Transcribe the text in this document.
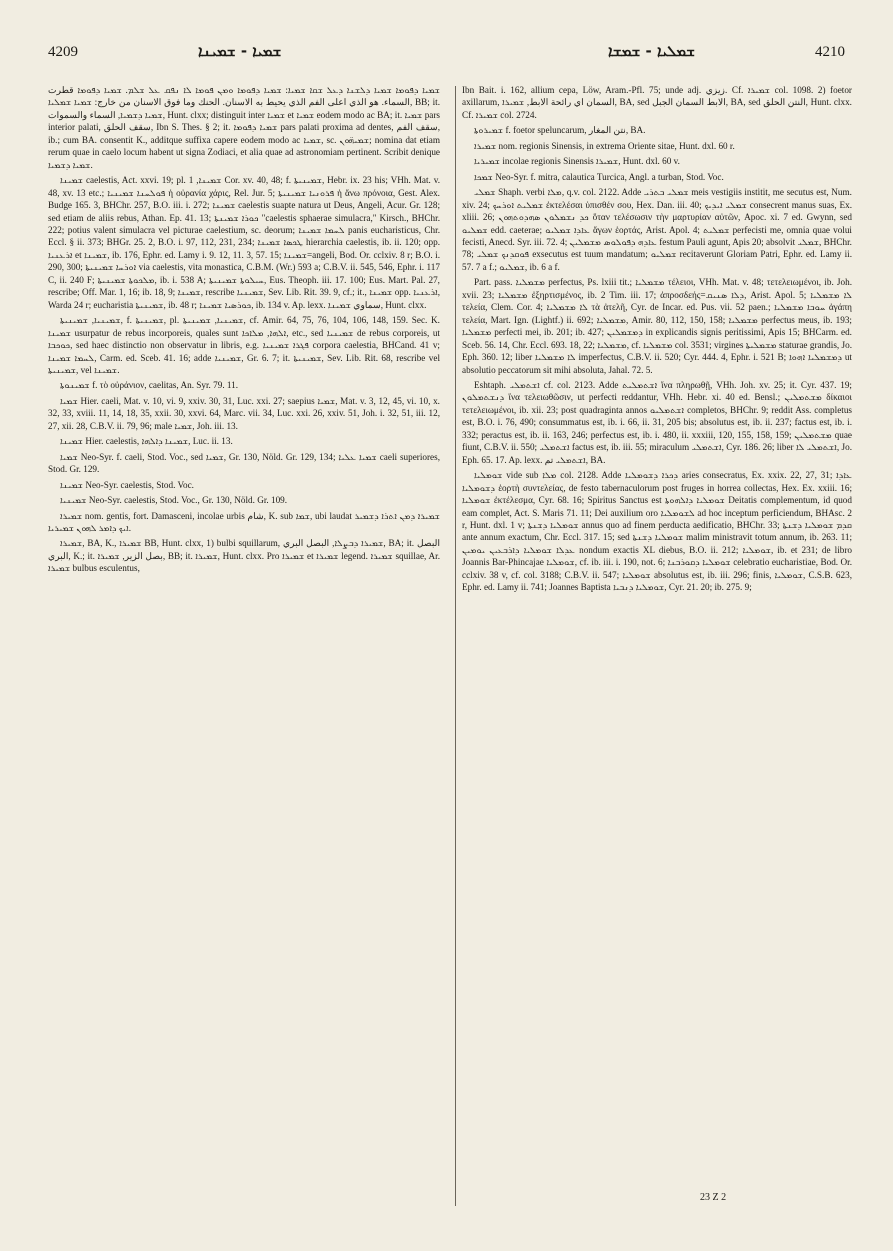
4209	ܫܡܝܐ - ܫܡܝܢܐ	ܫܡܠܝܐ - ܫܡܫܐ	4210

ܫܡܝܐ ܕܦܘܡܐ ܫܡܝܐ ܕܠܫܢܐ ܕܥܠ ܫܩܐ ܫܡܝܐ: ܫܡܝܐ ܕܦܘܡܐ ܘܡܢ ܦܘܡܐ ܠܐ ܢܦܩ ܥܠ ܫܠܡ. ܫܡܝܐ ܕܦܘܡܐ قطرت السماء. هو الذي اعلى الفم الذي يحيط به الاسنان. الحنك وما فوق الاسنان من خارج: ܫܡܝܐ ܫܡܠܝܐ, BB; it. ܫܡܝܐ ܕܫܡܝܐ, السماء والسموات, Hunt. clxx; distinguit inter ܫܡܝܐ et ܫܡܝܐ eodem modo ac BA; it. ܫܡܝܐ pars interior palati, سقف الحلق, Ibn S. Thes. § 2; it. ܫܡܝܐ ܕܦܘܡܐ pars palati proxima ad dentes, سقف الفم, ib.; cum BA. consentit K., additque suffixa capere eodem modo ac ܫܡܝܐ, sc. ܫܡܝܗ̈ܘܢ; nomina dat etiam rerum quae in caelo locum habent ut signa Zodiaci, et alia quae ad astronomiam pertinent. Scribit denique ܫܡܝܐ ܕܫܡܝܐ.

ܫܡܝܢܐ caelestis, Act. xxvi. 19; pl. ܫܡܝܢܐ, 1 Cor. xv. 40, 48; f. ܫܡܝܢܝܬܐ, Hebr. ix. 23 his; VHh. Mat. v. 48, xv. 13 etc.; ܦܘܠܚܢܐ ܫܡܝܢܝܐ ἡ οὐρανία χάρις, Rel. Jur. 5; ܦܪܘܢܝܐ ܫܡܝܢܝܬܐ ἡ ἄνω πρόνοια, Gest. Alex. Budge 165. 3, BHChr. 257, B.O. iii. i. 272; ܫܡܝܢܐ caelestis suapte natura ut Deus, Angeli, Acur. Gr. 128; sed etiam de aliis rebus, Athan. Ep. 41. 13; ܟܘܪܐ ܫܡܝܢܬܐ "caelestis sphaerae simulacra," Kirsch., BHChr. 222; potius valent simulacra vel picturae caelestium, sc. deorum; ܠܚܡܐ ܫܡܝܢܐ panis eucharisticus, Chr. Eccl. § ii. 373; BHGr. 25. 2, B.O. i. 97, 112, 231, 234; ܛܟܣܐ ܫܡܝܢܐ hierarchia caelestis, ib. ii. 120; opp. ܐܪܥܢܝܐ et ܫܡܝܢܐ, ib. 176, Ephr. ed. Lamy i. 9. 12, 11. 3, 57. 15; ܫܡܝܢܐ=angeli, Bod. Or. cclxiv. 8 r; B.O. i. 290, 300; ܐܘܪܚܐ ܫܡܝܢܝܬܐ via caelestis, vita monastica, C.B.M. (Wr.) 593 a; C.B.V. ii. 545, 546, Ephr. i. 117 C, ii. 240 F; ܡܠܟܘܬܐ ܫܡܝܢܝܬܐ, ib. i. 538 A; ܚܝܠܘܬܐ ܫܡܝܢܝܬܐ, Eus. Theoph. iii. 17. 100; Eus. Mart. Pal. 27, rescribe; Off. Mar. 1, 16; ib. 18, 9; ܫܡܝܢܐ, rescribe ܫܡܝܢܝܐ, Sev. Lib. Rit. 39. 9, cf.; it., ܫܡܝܢܐ opp. ܐܪܥܢܝܐ, Warda 24 r; eucharistia ܫܡܝܢܝܬܐ, ib. 48 r; ܟܘܪܣܝܐ ܫܡܝܢܐ, ib. 134 v. Ap. lexx. سماوي ܫܡܝܢܐ, Hunt. clxx.

ܫܡܝܢܝܐ, ܫܡܝܢܝܬܐ, f. ܫܡܝܢܝܬܐ, pl. ܫܡܝܢܝܐ, ܫܡܝܢܝܬܐ, cf. Amir. 64, 75, 76, 104, 106, 148, 159. Sec. K. ܫܡܝܢܐ usurpatur de rebus incorporeis, quales sunt ܐܠܗܐ, ܡܠܐܟܐ, etc., sed ܫܡܝܢܝܐ de rebus corporeis, ut ܟܘܟܒܐ, sed haec distinctio non observatur in libris, e.g. ܦܓܪܐ ܫܡܝܢܝܐ corpora caelestia, BHCand. 41 v; ܠܚܡܐ ܫܡܝܢܐ, Carm. ed. Sceb. 41. 16; adde ܫܡܝܢܝܐ, Gr. 6. 7; it. ܫܡܝܢܝܬܐ, Sev. Lib. Rit. 68, rescribe vel ܫܡܝܢܝܬܐ, vel ܫܡܝܢܐ.

ܫܡܝܢܘܬܐ f. τὸ οὐράνιον, caelitas, An. Syr. 79. 11.

ܫܡܝܐ Hier. caeli, Mat. v. 10, vi. 9, xxiv. 30, 31, Luc. xxi. 27; saepius ܫܡܝܐ, Mat. v. 3, 12, 45, vi. 10, x. 32, 33, xviii. 11, 14, 18, 35, xxii. 30, xxvi. 64, Marc. vii. 34, Luc. xxi. 26, xxiv. 51, Joh. i. 32, 51, iii. 12, 27, xii. 28, C.B.V. ii. 79, 96; male ܫܡܝܐ, Joh. iii. 13.

ܫܡܝܢܐ Hier. caelestis, ܫܡܝܢܐ ܕܐܠܗܐ, Luc. ii. 13.

ܫܡܝܐ Neo-Syr. f. caeli, Stod. Voc., sed ܫܡܝܐ, Gr. 130, Nöld. Gr. 129, 134; ܫܡܝܐ ܥܠܝܐ caeli superiores, Stod. Gr. 129.

ܫܡܝܢܐ Neo-Syr. caelestis, Stod. Voc.

ܫܡܝܢܝܐ Neo-Syr. caelestis, Stod. Voc., Gr. 130, Nöld. Gr. 109.

ܫܡܝܪܐ nom. gentis, fort. Damasceni, incolae urbis شام, K. sub ܫܡܐ, ubi laudat ܫܡܝܪܐ ܕܡܢ ܐܬܪܐ ܕܫܡܝܪ ܐܝܟ ܕܐܡܪ ܠܗܘܢ ܫܡܝܪܝܐ.

ܫܡܝܪܐ, BA, K., ܫܡܝܪܐ BB, Hunt. clxx, 1) bulbi squillarum, ܫܡܝܪܐ ܕܒܨܠܐ, البصل البري, BA; it. البصل البري, K.; it. بصل الزير, ܫܡܝܪܐ, BB; it. ܫܡܝܪܐ, Hunt. clxx. Pro ܫܡܝܪܐ et ܫܡܝܪܐ legend. ܫܡܝܪܐ squillae, Ar. ܫܡܝܪܐ bulbus esculentus,

Ibn Bait. i. 162, allium cepa, Löw, Aram.-Pfl. 75; unde adj. زيزي. Cf. ܫܡܝܪܐ col. 1098. 2) foetor axillarum, السمان اي رائحة الابط, ܫܡܝܪܐ, BA, sed الابط السمان الجبل, BA, sed النتن الحلق, Hunt. clxx. Cf. ܫܡܝܪܐ col. 2724.

ܫܡܝܪܘܬܐ f. foetor speluncarum, نتن المغار, BA.

ܫܡܝܪܐ nom. regionis Sinensis, in extrema Oriente sitae, Hunt. dxl. 60 r.

ܫܡܝܪܝܐ incolae regionis Sinensis ܫܡܝܪܐ, Hunt. dxl. 60 v.

ܫܡܟܐ Neo-Syr. f. mitra, calautica Turcica, Angl. a turban, Stod. Voc.

ܫܡܠܝ Shaph. verbi ܡܠܐ, q.v. col. 2122. Adde ܫܡܠܝ ܒܬܪܝ meis vestigiis institit, me secutus est, Num. xiv. 24; ܫܡܠܝܬ ܐܘܪܚܟ ἐκτελέσαι ὑπισθέν σου, Hex. Dan. iii. 40; ܫܡܠܝ ܐܝܕܝܟ consecrent manus suas, Ex. xliii. 26; ܟܕ ܢܫܡܠܘܢ ܣܗܕܘܬܗܘܢ ὅταν τελέσωσιν τὴν μαρτυρίαν αὐτῶν, Apoc. xi. 7 ed. Gwynn, sed ܫܡܠܝܘ edd. caeterae; ܥܐܕܐ ܫܡܠܝܘ ἄγων ἑορτάς, Arist. Apol. 4; ܫܡܠܝܬ perfecisti me, omnia quae volui fecisti, Anecd. Syr. iii. 72. 4; ܥܐܕܗ ܕܦܘܠܘܣ ܡܫܡܠܝܢ festum Pauli agunt, Apis 20; absolvit ܫܡܠܝ, BHChr. 78; ܦܘܩܕܢܟ ܫܡܠܝ exsecutus est tuum mandatum; ܫܡܠܝܘ recitaverunt Gloriam Patri, Ephr. ed. Lamy ii. 57. 7 a f.; ܫܡܠܝܘ, ib. 6 a f.

Part. pass. ܡܫܡܠܝܐ perfectus, Ps. lxiii tit.; ܡܫܡܠܝܐ τέλειοι, VHh. Mat. v. 48; τετελειωμένοι, ib. Joh. xvii. 23; ܡܫܡܠܝܐ ἐξηρτισμένος, ib. 2 Tim. iii. 17; ἀπροσδεής=ܕܠܐ ܣܢܝܩ, Arist. Apol. 5; ܠܐ ܡܫܡܠܝܐ τελεία, Clem. Cor. 4; ܠܐ ܡܫܡܠܝܐ τὰ ἀτελῆ, Cyr. de Incar. ed. Pus. vii. 52 paen.; ܚܘܒܐ ܡܫܡܠܝܐ ἀγάπη τελεία, Mart. Ign. (Lightf.) ii. 692; ܡܫܡܠܝܐ, Amir. 80, 112, 150, 158; ܡܫܡܠܝܐ perfectus meus, ib. 193; ܡܫܡܠܝܐ perfecti mei, ib. 201; ib. 427; ܕܡܫܡܠܝܢ in explicandis signis peritissimi, Apis 15; BHCarm. ed. Sceb. 56. 14, Chr. Eccl. 693. 18, 22; ܡܫܡܠܝܐ, cf. ܡܫܡܠܝܐ col. 3531; virgines ܡܫܡܠܝܬܐ staturae grandis, Jo. Eph. 360. 12; liber ܠܐ ܡܫܡܠܝܐ imperfectus, C.B.V. ii. 520; Cyr. 444. 4, Ephr. i. 521 B; ܕܡܫܡܠܝܐ ܐܗܘܐ ut absolutio peccatorum sit mihi absoluta, Jahal. 72. 5.

Eshtaph. ܐܫܬܡܠܝ cf. col. 2123. Adde ܐܫܬܡܠܝܬ ἵνα πληρωθῇ, VHh. Joh. xv. 25; it. Cyr. 437. 19; ܕܢܫܬܡܠܘܢ ἵνα τελειωθῶσιν, ut perfecti reddantur, VHh. Hebr. xi. 40 ed. Bensl.; ܡܫܬܡܠܝܢ δίκαιοι τετελειωμένοι, ib. xii. 23; post quadraginta annos ܐܫܬܡܠܝܘ completos, BHChr. 9; reddit Ass. completus est, B.O. i. 76, 490; consummatus est, ib. i. 66, ii. 31, 205 bis; absolutus est, ib. ii. 237; factus est, ib. i. 332; peractus est, ib. ii. 163, 246; perfectus est, ib. i. 480, ii. xxxiii, 120, 155, 158, 159; ܡܫܬܡܠܝܢ quae fiunt, C.B.V. ii. 550; ܐܫܬܡܠܝ factus est, ib. iii. 55; miraculum ܐܫܬܡܠܝ, Cyr. 186. 26; liber ܐܫܬܡܠܝ ܠܐ, Jo. Eph. 65. 17. Ap. lexx. ܐܫܬܡܠܝ تم, BA.

ܫܘܡܠܝܐ vide sub ܡܠܐ col. 2128. Adde ܕܟܪܐ ܕܫܘܡܠܝܐ aries consecratus, Ex. xxix. 22, 27, 31; ܥܐܕܐ ܕܫܘܡܠܝܐ ἑορτὴ συντελείας, de festo tabernaculorum post fruges in horrea collectas, Hex. Ex. xxiii. 16; ܫܘܡܠܝܐ ἐκτέλεσμα, Cyr. 68. 16; Spiritus Sanctus est ܫܘܡܠܝܐ ܕܐܠܗܘܬܐ Deitatis complementum, id quod eam complet, Act. S. Maris 71. 11; Dei auxilium oro ܠܫܘܡܠܝܐ ad hoc inceptum perficiendum, BHAsc. 2 r, Hunt. dxl. 1 v; ܫܘܡܠܝܐ ܕܫܢܬܐ annus quo ad finem perducta aedificatio, BHChr. 33; ܩܕܡ ܫܘܡܠܝܐ ܕܫܢܬܐ ante annum exactum, Chr. Eccl. 317. 15; sed ܫܘܡܠܝܐ ܕܫܢܬܐ malim ministravit totum annum, ib. 263. 11; ܥܕܠܐ ܫܘܡܠܝܐ ܕܐܪܒܥܝܢ ܝܘܡܝܢ nondum exactis XL diebus, B.O. ii. 212; ܫܘܡܠܝܐ, ib. et 231; de libro Joannis Bar-Phincajae ܫܘܡܠܝܐ, cf. ib. iii. i. 190, not. 6; ܫܘܡܠܝܐ ܕܩܘܪܒܢܐ celebratio eucharistiae, Bod. Or. cclxiv. 38 v, cf. col. 3188; C.B.V. ii. 547; ܫܘܡܠܝܐ absolutus est, ib. iii. 296; finis, ܫܘܡܠܝܐ, C.S.B. 623, Ephr. ed. Lamy ii. 741; Joannes Baptista ܫܘܡܠܝܐ ܕܢܒܝܐ, Cyr. 21. 20; ib. 275. 9;

23 Z 2
